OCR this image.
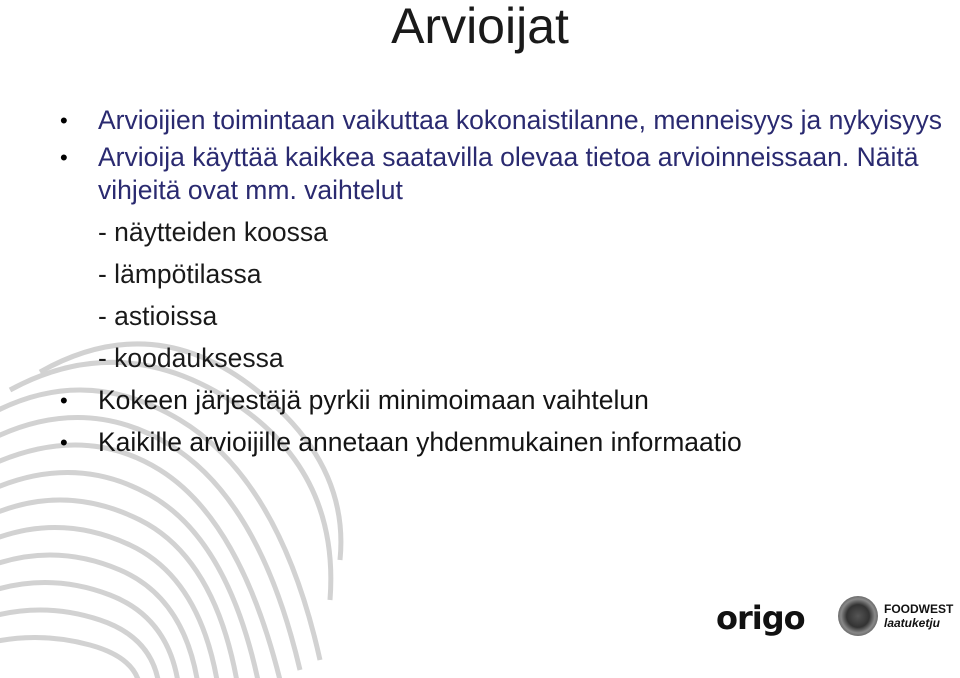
Arvioijat
•	Arvioijien toimintaan vaikuttaa kokonaistilanne, menneisyys ja nykyisyys
•	Arvioija käyttää kaikkea saatavilla olevaa tietoa arvioinneissaan. Näitä vihjeitä ovat mm. vaihtelut
- näytteiden koossa
- lämpötilassa
- astioissa
- koodauksessa
•	Kokeen järjestäjä pyrkii minimoimaan vaihtelun
•	Kaikille arvioijille annetaan yhdenmukainen informaatio
origo	FOODWEST
laatuketju
